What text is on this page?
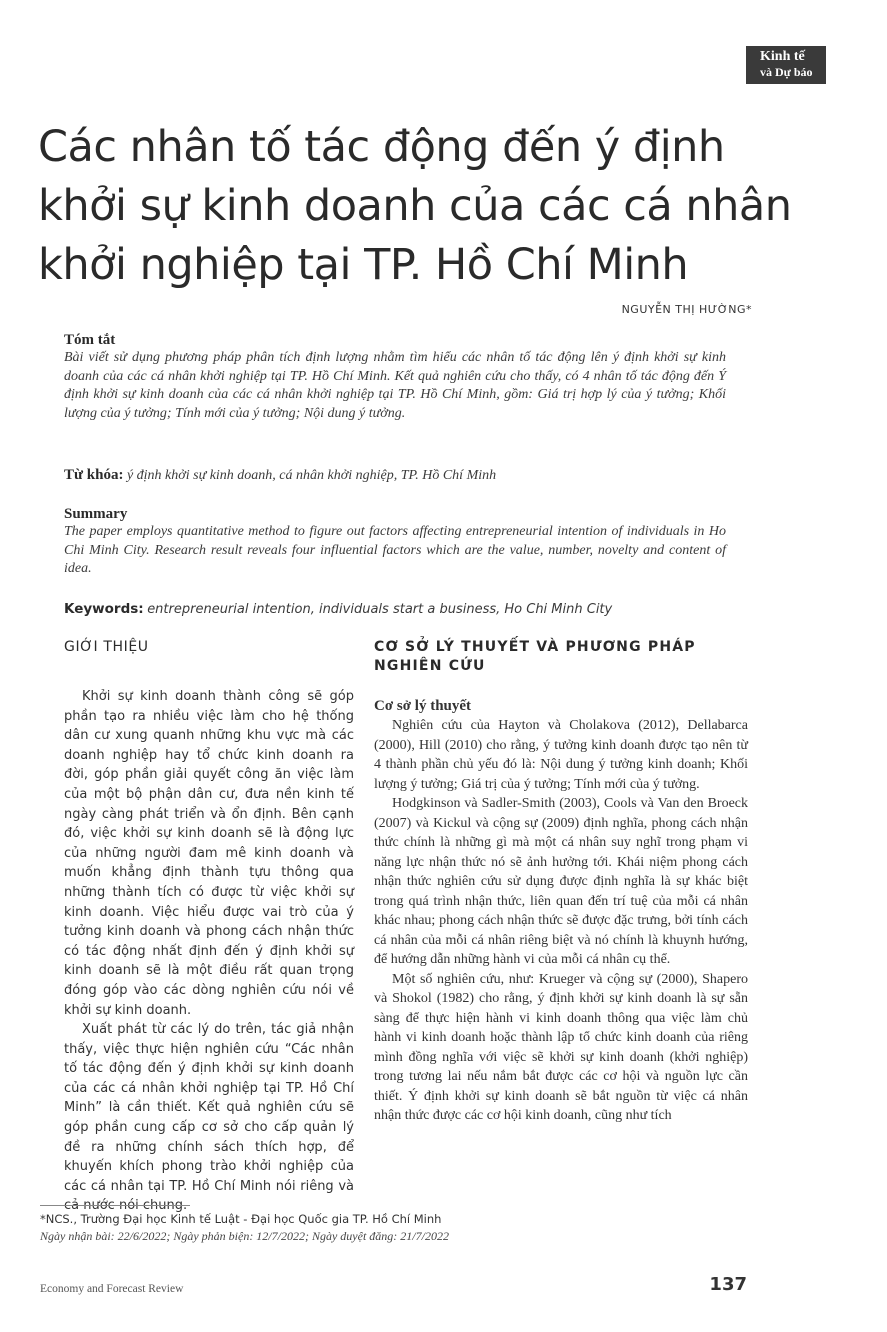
Kinh tế
và Dự báo
Các nhân tố tác động đến ý định
khởi sự kinh doanh của các cá nhân
khởi nghiệp tại TP. Hồ Chí Minh
NGUYỄN THỊ HƯỜNG*
Tóm tắt

Bài viết sử dụng phương pháp phân tích định lượng nhằm tìm hiểu các nhân tố tác động lên ý định khởi sự kinh doanh của các cá nhân khởi nghiệp tại TP. Hồ Chí Minh. Kết quả nghiên cứu cho thấy, có 4 nhân tố tác động đến Ý định khởi sự kinh doanh của các cá nhân khởi nghiệp tại TP. Hồ Chí Minh, gồm: Giá trị hợp lý của ý tưởng; Khối lượng của ý tưởng; Tính mới của ý tưởng; Nội dung ý tưởng.

Từ khóa: ý định khởi sự kinh doanh, cá nhân khởi nghiệp, TP. Hồ Chí Minh

Summary

The paper employs quantitative method to figure out factors affecting entrepreneurial intention of individuals in Ho Chi Minh City. Research result reveals four influential factors which are the value, number, novelty and content of idea.

Keywords: entrepreneurial intention, individuals start a business, Ho Chi Minh City

GIỚI THIỆU

Khởi sự kinh doanh thành công sẽ góp phần tạo ra nhiều việc làm cho hệ thống dân cư xung quanh những khu vực mà các doanh nghiệp hay tổ chức kinh doanh ra đời, góp phần giải quyết công ăn việc làm của một bộ phận dân cư, đưa nền kinh tế ngày càng phát triển và ổn định. Bên cạnh đó, việc khởi sự kinh doanh sẽ là động lực của những người đam mê kinh doanh và muốn khẳng định thành tựu thông qua những thành tích có được từ việc khởi sự kinh doanh. Việc hiểu được vai trò của ý tưởng kinh doanh và phong cách nhận thức có tác động nhất định đến ý định khởi sự kinh doanh sẽ là một điều rất quan trọng đóng góp vào các dòng nghiên cứu nói về khởi sự kinh doanh.

Xuất phát từ các lý do trên, tác giả nhận thấy, việc thực hiện nghiên cứu “Các nhân tố tác động đến ý định khởi sự kinh doanh của các cá nhân khởi nghiệp tại TP. Hồ Chí Minh” là cần thiết. Kết quả nghiên cứu sẽ góp phần cung cấp cơ sở cho cấp quản lý đề ra những chính sách thích hợp, để khuyến khích phong trào khởi nghiệp của các cá nhân tại TP. Hồ Chí Minh nói riêng và cả nước nói chung.

CƠ SỞ LÝ THUYẾT VÀ PHƯƠNG PHÁP NGHIÊN CỨU
Cơ sở lý thuyết

Nghiên cứu của Hayton và Cholakova (2012), Dellabarca (2000), Hill (2010) cho rằng, ý tưởng kinh doanh được tạo nên từ 4 thành phần chủ yếu đó là: Nội dung ý tưởng kinh doanh; Khối lượng ý tưởng; Giá trị của ý tưởng; Tính mới của ý tưởng.

Hodgkinson và Sadler-Smith (2003), Cools và Van den Broeck (2007) và Kickul và cộng sự (2009) định nghĩa, phong cách nhận thức chính là những gì mà một cá nhân suy nghĩ trong phạm vi năng lực nhận thức nó sẽ ảnh hưởng tới. Khái niệm phong cách nhận thức nghiên cứu sử dụng được định nghĩa là sự khác biệt trong quá trình nhận thức, liên quan đến trí tuệ của mỗi cá nhân khác nhau; phong cách nhận thức sẽ được đặc trưng, bởi tính cách cá nhân của mỗi cá nhân riêng biệt và nó chính là khuynh hướng, để hướng dẫn những hành vi của mỗi cá nhân cụ thể.

Một số nghiên cứu, như: Krueger và cộng sự (2000), Shapero và Shokol (1982) cho rằng, ý định khởi sự kinh doanh là sự sẵn sàng để thực hiện hành vi kinh doanh thông qua việc làm chủ hành vi kinh doanh hoặc thành lập tổ chức kinh doanh của riêng mình đồng nghĩa với việc sẽ khởi sự kinh doanh (khởi nghiệp) trong tương lai nếu nắm bắt được các cơ hội và nguồn lực cần thiết. Ý định khởi sự kinh doanh sẽ bắt nguồn từ việc cá nhân nhận thức được các cơ hội kinh doanh, cũng như tích

*NCS., Trường Đại học Kinh tế Luật - Đại học Quốc gia TP. Hồ Chí Minh
Ngày nhận bài: 22/6/2022; Ngày phản biện: 12/7/2022; Ngày duyệt đăng: 21/7/2022
Economy and Forecast Review	137
